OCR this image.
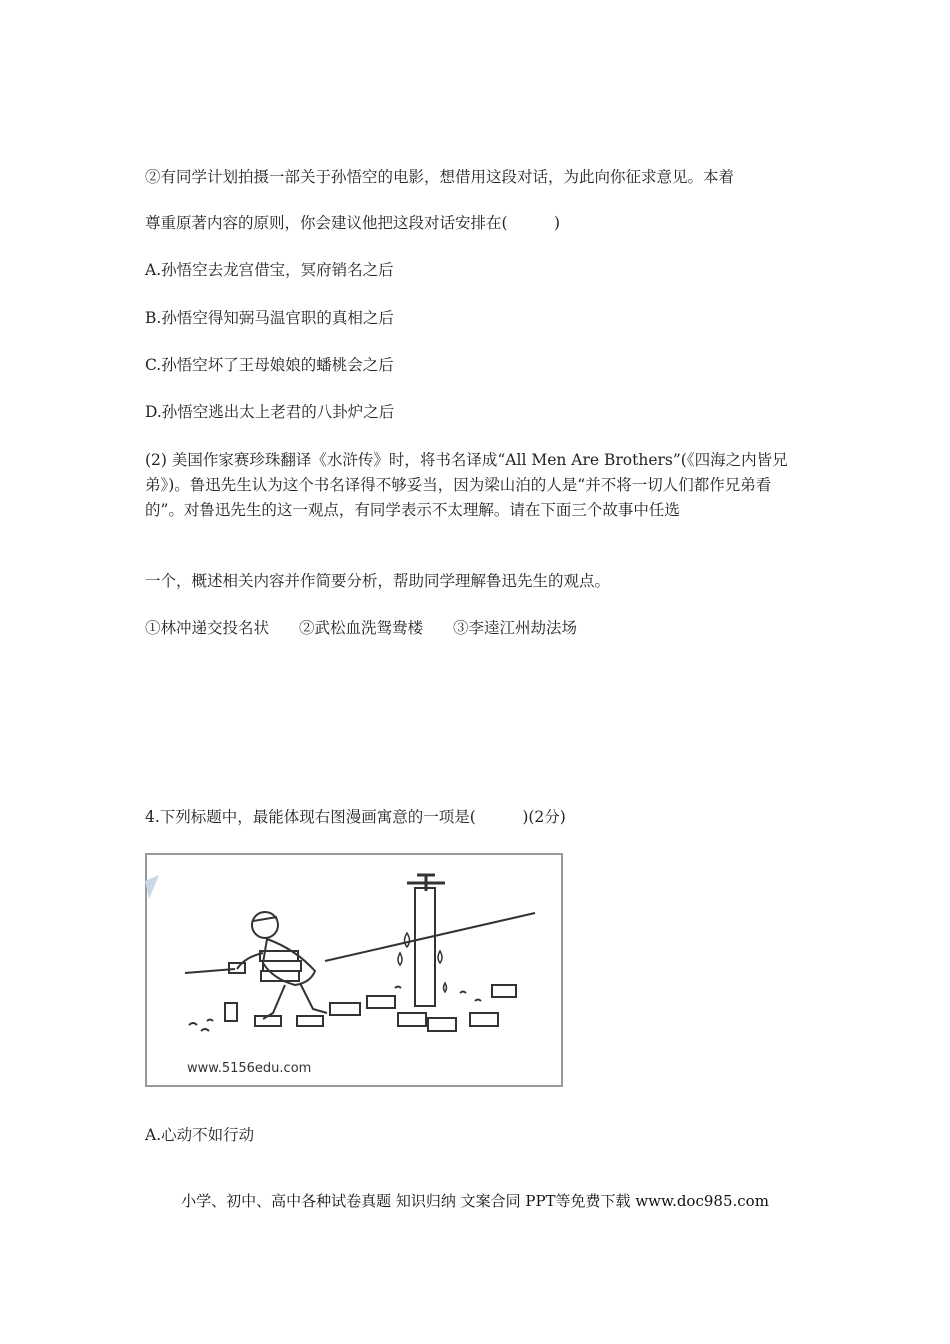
②有同学计划拍摄一部关于孙悟空的电影，想借用这段对话，为此向你征求意见。本着
尊重原著内容的原则，你会建议他把这段对话安排在(　　　)
A.孙悟空去龙宫借宝，冥府销名之后
B.孙悟空得知弼马温官职的真相之后
C.孙悟空坏了王母娘娘的蟠桃会之后
D.孙悟空逃出太上老君的八卦炉之后
(2) 美国作家赛珍珠翻译《水浒传》时，将书名译成“All Men Are Brothers”(《四海之内皆兄弟》)。鲁迅先生认为这个书名译得不够妥当，因为梁山泊的人是“并不将一切人们都作兄弟看的”。对鲁迅先生的这一观点，有同学表示不太理解。请在下面三个故事中任选
一个，概述相关内容并作简要分析，帮助同学理解鲁迅先生的观点。
①林冲递交投名状 ②武松血洗鸳鸯楼 ③李逵江州劫法场
4.下列标题中，最能体现右图漫画寓意的一项是(　　　)(2分)
www.5156edu.com
A.心动不如行动
小学、初中、高中各种试卷真题 知识归纳 文案合同 PPT等免费下载 www.doc985.com
